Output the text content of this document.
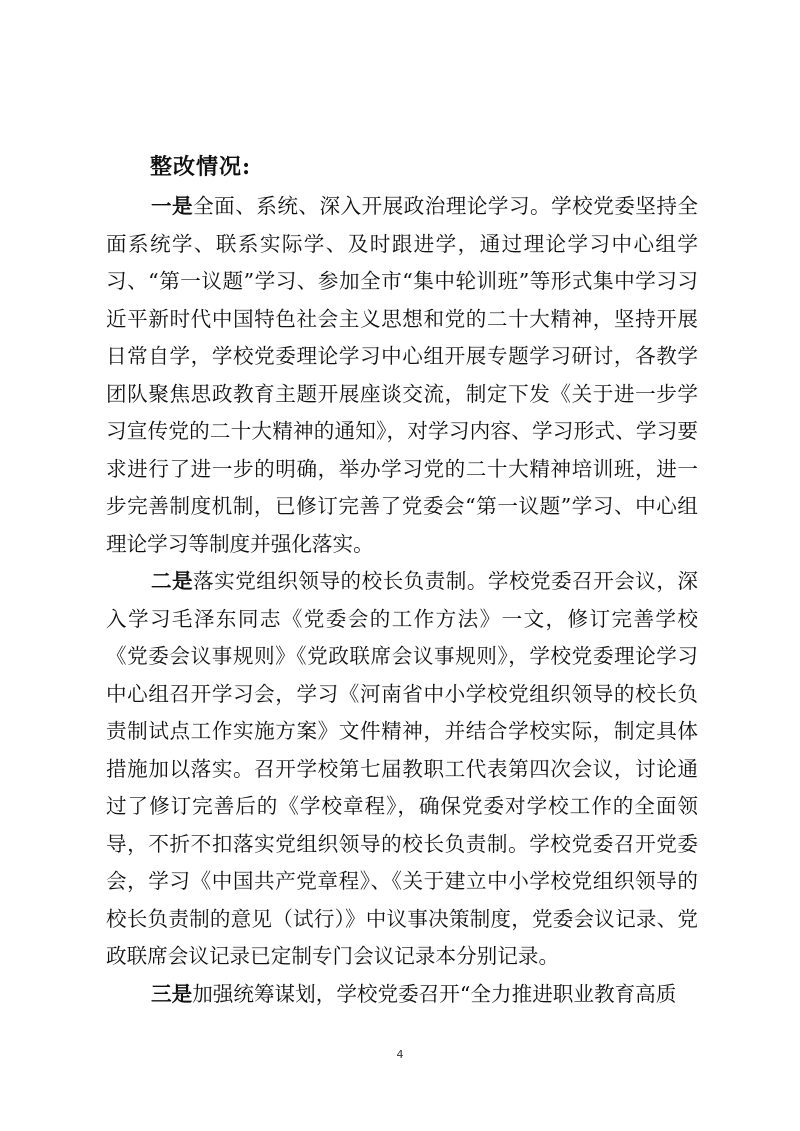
整改情况:

一是全面、系统、深入开展政治理论学习。学校党委坚持全面系统学、联系实际学、及时跟进学，通过理论学习中心组学习、“第一议题”学习、参加全市“集中轮训班”等形式集中学习习近平新时代中国特色社会主义思想和党的二十大精神，坚持开展日常自学，学校党委理论学习中心组开展专题学习研讨，各教学团队聚焦思政教育主题开展座谈交流，制定下发《关于进一步学习宣传党的二十大精神的通知》，对学习内容、学习形式、学习要求进行了进一步的明确，举办学习党的二十大精神培训班，进一步完善制度机制，已修订完善了党委会“第一议题”学习、中心组理论学习等制度并强化落实。

二是落实党组织领导的校长负责制。学校党委召开会议，深入学习毛泽东同志《党委会的工作方法》一文，修订完善学校《党委会议事规则》《党政联席会议事规则》，学校党委理论学习中心组召开学习会，学习《河南省中小学校党组织领导的校长负责制试点工作实施方案》文件精神，并结合学校实际，制定具体措施加以落实。召开学校第七届教职工代表第四次会议，讨论通过了修订完善后的《学校章程》，确保党委对学校工作的全面领导，不折不扣落实党组织领导的校长负责制。学校党委召开党委会，学习《中国共产党章程》、《关于建立中小学校党组织领导的校长负责制的意见（试行）》中议事决策制度，党委会议记录、党政联席会议记录已定制专门会议记录本分别记录。

三是加强统筹谋划，学校党委召开“全力推进职业教育高质

4
